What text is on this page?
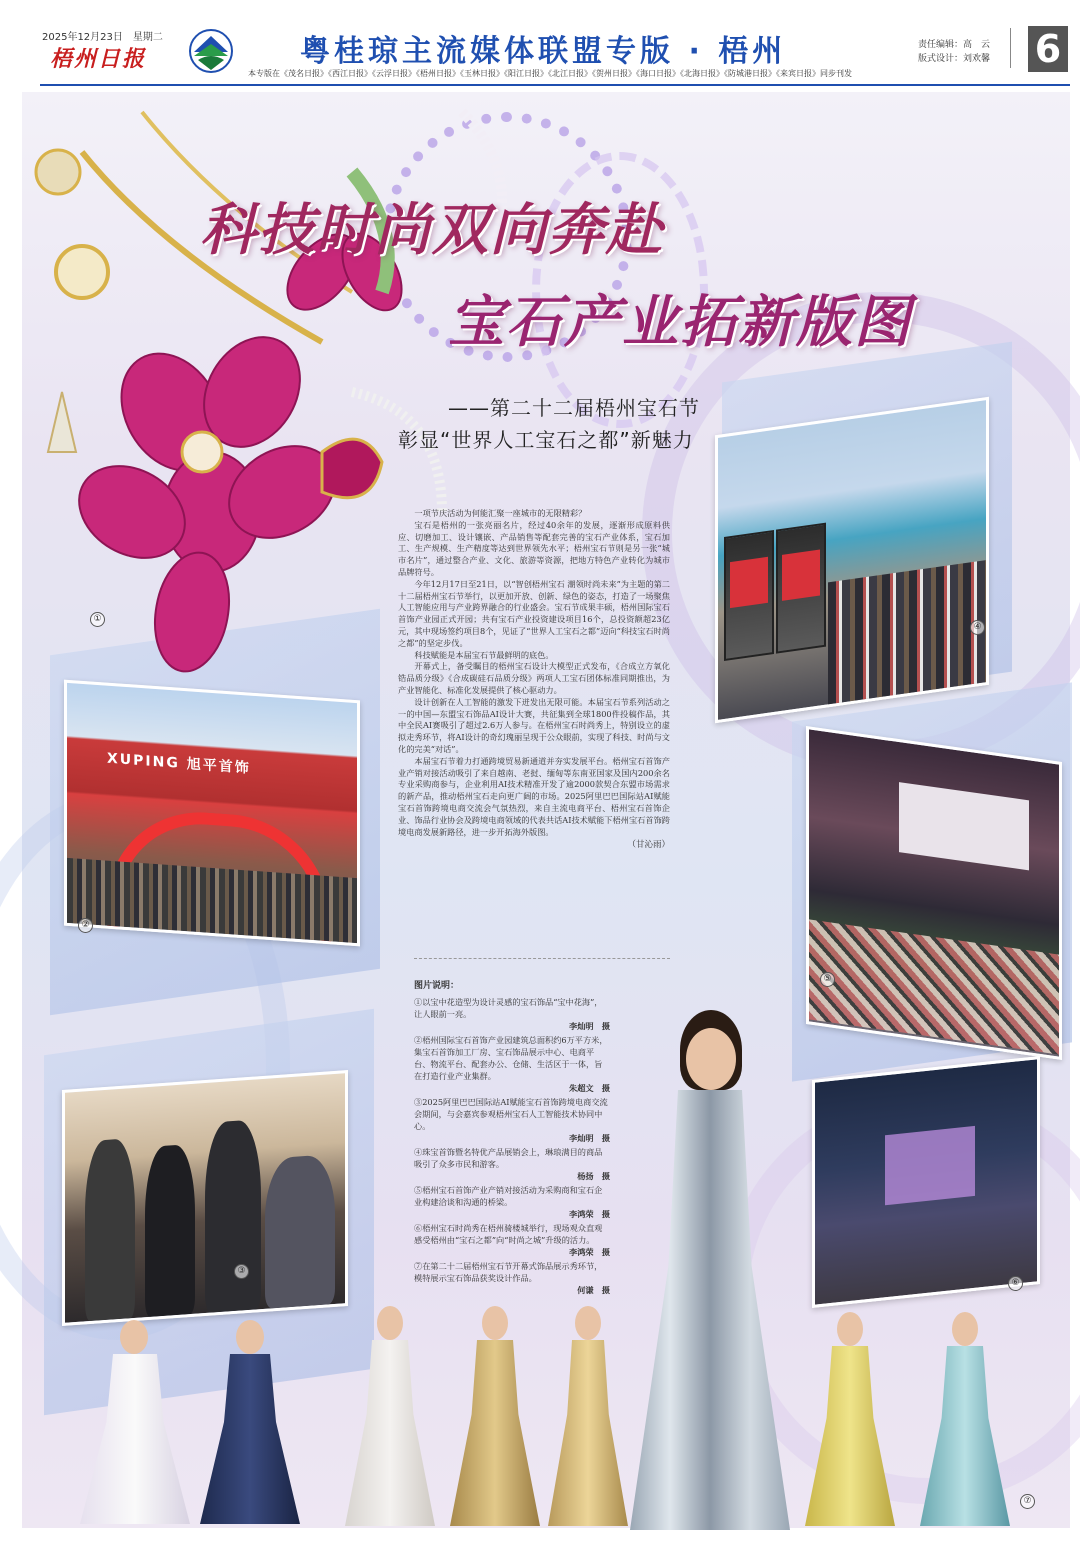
2025年12月23日　星期二
梧州日报	粤桂琼主流媒体联盟专版 · 梧州
本专版在《茂名日报》《西江日报》《云浮日报》《梧州日报》《玉林日报》《阳江日报》《北江日报》《贺州日报》《海口日报》《北海日报》《防城港日报》《来宾日报》同步刊发
责任编辑：高　云
版式设计：刘欢馨 6
①
科技时尚双向奔赴
宝石产业拓新版图
——第二十二届梧州宝石节
彰显“世界人工宝石之都”新魅力

一项节庆活动为何能汇聚一座城市的无限精彩？

宝石是梧州的一张亮丽名片，经过40余年的发展，逐渐形成原料供应、切磨加工、设计镶嵌、产品销售等配套完善的宝石产业体系，宝石加工、生产规模、生产精度等达到世界领先水平；梧州宝石节则是另一张“城市名片”，通过整合产业、文化、旅游等资源，把地方特色产业转化为城市品牌符号。

今年12月17日至21日，以“智创梧州宝石 潮领时尚未来”为主题的第二十二届梧州宝石节举行，以更加开放、创新、绿色的姿态，打造了一场聚焦人工智能应用与产业跨界融合的行业盛会。宝石节成果丰硕，梧州国际宝石首饰产业园正式开园；共有宝石产业投资建设项目16个，总投资额超23亿元，其中现场签约项目8个，见证了“世界人工宝石之都”迈向“科技宝石时尚之都”的坚定步伐。

科技赋能是本届宝石节最鲜明的底色。

开幕式上，备受瞩目的梧州宝石设计大模型正式发布，《合成立方氧化锆品质分级》《合成碳硅石品质分级》两项人工宝石团体标准同期推出，为产业智能化、标准化发展提供了核心驱动力。

设计创新在人工智能的激发下迸发出无限可能。本届宝石节系列活动之一的中国—东盟宝石饰品AI设计大赛，共征集到全球1800件投稿作品，其中全民AI赛吸引了超过2.6万人参与。在梧州宝石时尚秀上，特别设立的虚拟走秀环节，将AI设计的奇幻瑰丽呈现于公众眼前，实现了科技、时尚与文化的完美“对话”。

本届宝石节着力打通跨境贸易新通道并夯实发展平台。梧州宝石首饰产业产销对接活动吸引了来自越南、老挝、缅甸等东南亚国家及国内200余名专业采购商参与，企业利用AI技术精准开发了逾2000款契合东盟市场需求的新产品，推动梧州宝石走向更广阔的市场。2025阿里巴巴国际站AI赋能宝石首饰跨境电商交流会气氛热烈，来自主流电商平台、梧州宝石首饰企业、饰品行业协会及跨境电商领域的代表共话AI技术赋能下梧州宝石首饰跨境电商发展新路径，进一步开拓海外版图。

（甘沁雨）
图片说明：
①以宝中花造型为设计灵感的宝石饰品“宝中花海”，让人眼前一亮。
李灿明　摄
②梧州国际宝石首饰产业园建筑总面积约6万平方米，集宝石首饰加工厂房、宝石饰品展示中心、电商平台、物流平台、配套办公、仓储、生活区于一体，旨在打造行业产业集群。
朱超文　摄
③2025阿里巴巴国际站AI赋能宝石首饰跨境电商交流会期间，与会嘉宾参观梧州宝石人工智能技术协同中心。
李灿明　摄
④珠宝首饰暨名特优产品展销会上，琳琅满目的商品吸引了众多市民和游客。
杨扬　摄
⑤梧州宝石首饰产业产销对接活动为采购商和宝石企业构建洽谈和沟通的桥梁。
李鸿荣　摄
⑥梧州宝石时尚秀在梧州骑楼城举行，现场观众直观感受梧州由“宝石之都”向“时尚之城”升级的活力。
李鸿荣　摄
⑦在第二十二届梧州宝石节开幕式饰品展示秀环节，模特展示宝石饰品获奖设计作品。
何谦　摄
XUPING 旭平首饰
②
③
④
⑤
⑥
⑦
